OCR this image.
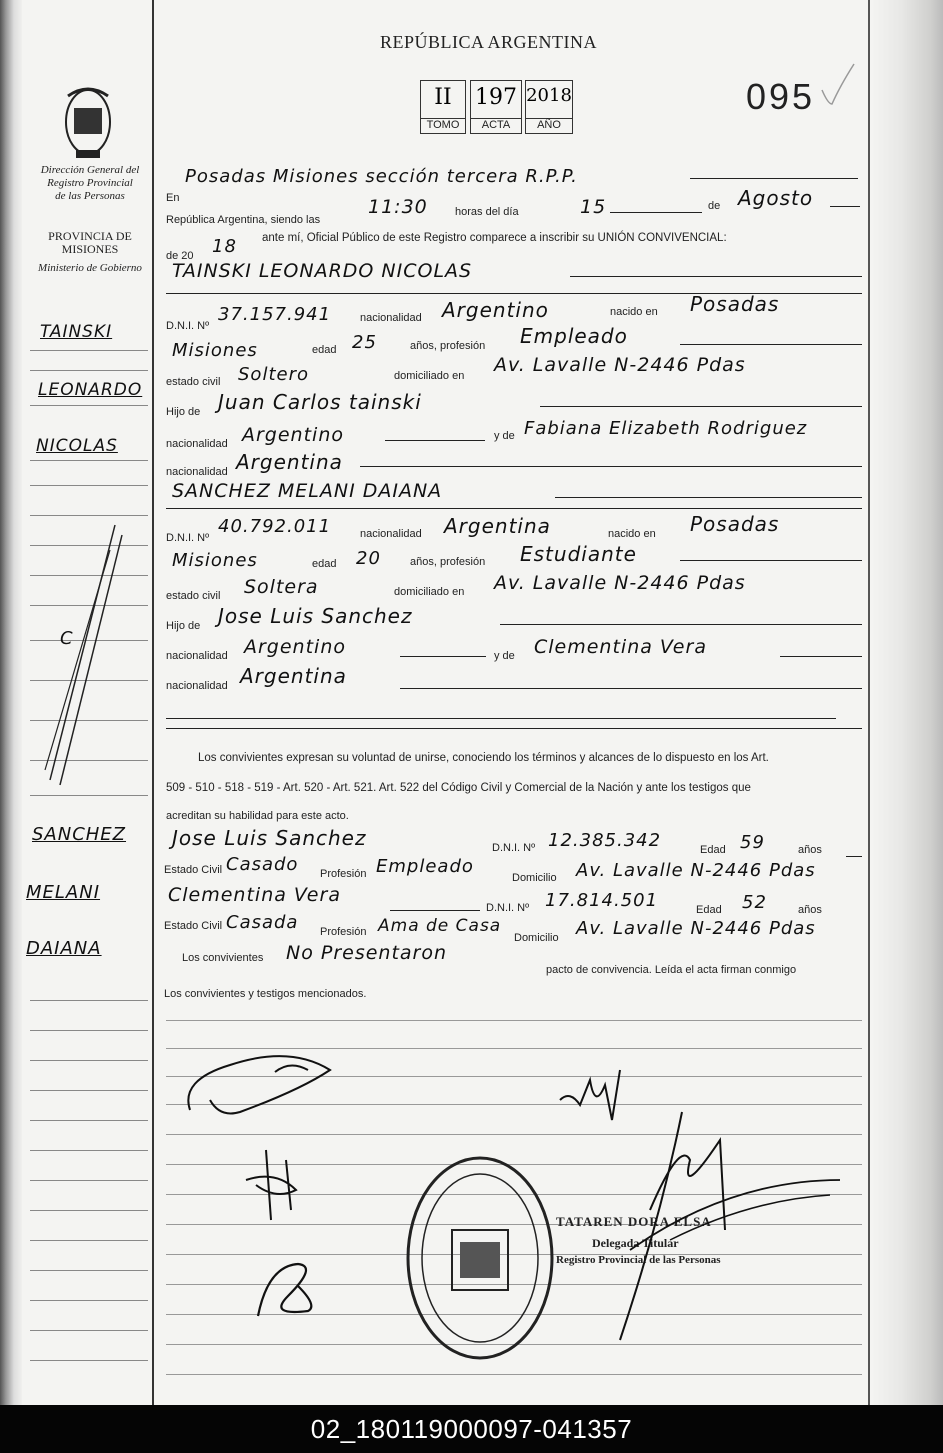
Dirección General del
Registro Provincial
de las Personas
PROVINCIA DE
MISIONES
Ministerio de Gobierno
TAINSKI
LEONARDO
NICOLAS
C
SANCHEZ
MELANI
DAIANA
REPÚBLICA ARGENTINA
II
TOMO
197
ACTA
2018
AÑO
095
En
Posadas Misiones sección tercera R.P.P.
República Argentina, siendo las
11:30 horas del día	15	de Agosto
de 20 18 ante mí, Oficial Público de este Registro comparece a inscribir su UNIÓN CONVIVENCIAL:
TAINSKI LEONARDO NICOLAS
D.N.I. Nº
37.157.941	nacionalidad Argentino	nacido en Posadas
Misiones	edad 25	años, profesión Empleado
estado civil Soltero	domiciliado en Av. Lavalle N-2446 Pdas
Hijo de Juan Carlos tainski
nacionalidad Argentino	y de Fabiana Elizabeth Rodriguez
nacionalidad Argentina
SANCHEZ MELANI DAIANA
D.N.I. Nº
40.792.011	nacionalidad Argentina	nacido en Posadas
Misiones	edad 20	años, profesión Estudiante
estado civil Soltera	domiciliado en Av. Lavalle N-2446 Pdas
Hijo de Jose Luis Sanchez
nacionalidad Argentino	y de Clementina Vera
nacionalidad Argentina
Los convivientes expresan su voluntad de unirse, conociendo los términos y alcances de lo dispuesto en los Art.
509 - 510 - 518 - 519 - Art. 520 - Art. 521. Art. 522 del Código Civil y Comercial de la Nación y ante los testigos que
acreditan su habilidad para este acto.
Jose Luis Sanchez	D.N.I. Nº 12.385.342	Edad 59	años
Estado Civil Casado Profesión Empleado
Domicilio Av. Lavalle N-2446 Pdas
Clementina Vera
D.N.I. Nº 17.814.501	Edad 52	años
Estado Civil Casada Profesión Ama de Casa
Domicilio Av. Lavalle N-2446 Pdas
Los convivientes No Presentaron
pacto de convivencia. Leída el acta firman conmigo
Los convivientes y testigos mencionados.
TATAREN DORA ELSA
Delegada Titular
Registro Provincial de las Personas
02_180119000097-041357
